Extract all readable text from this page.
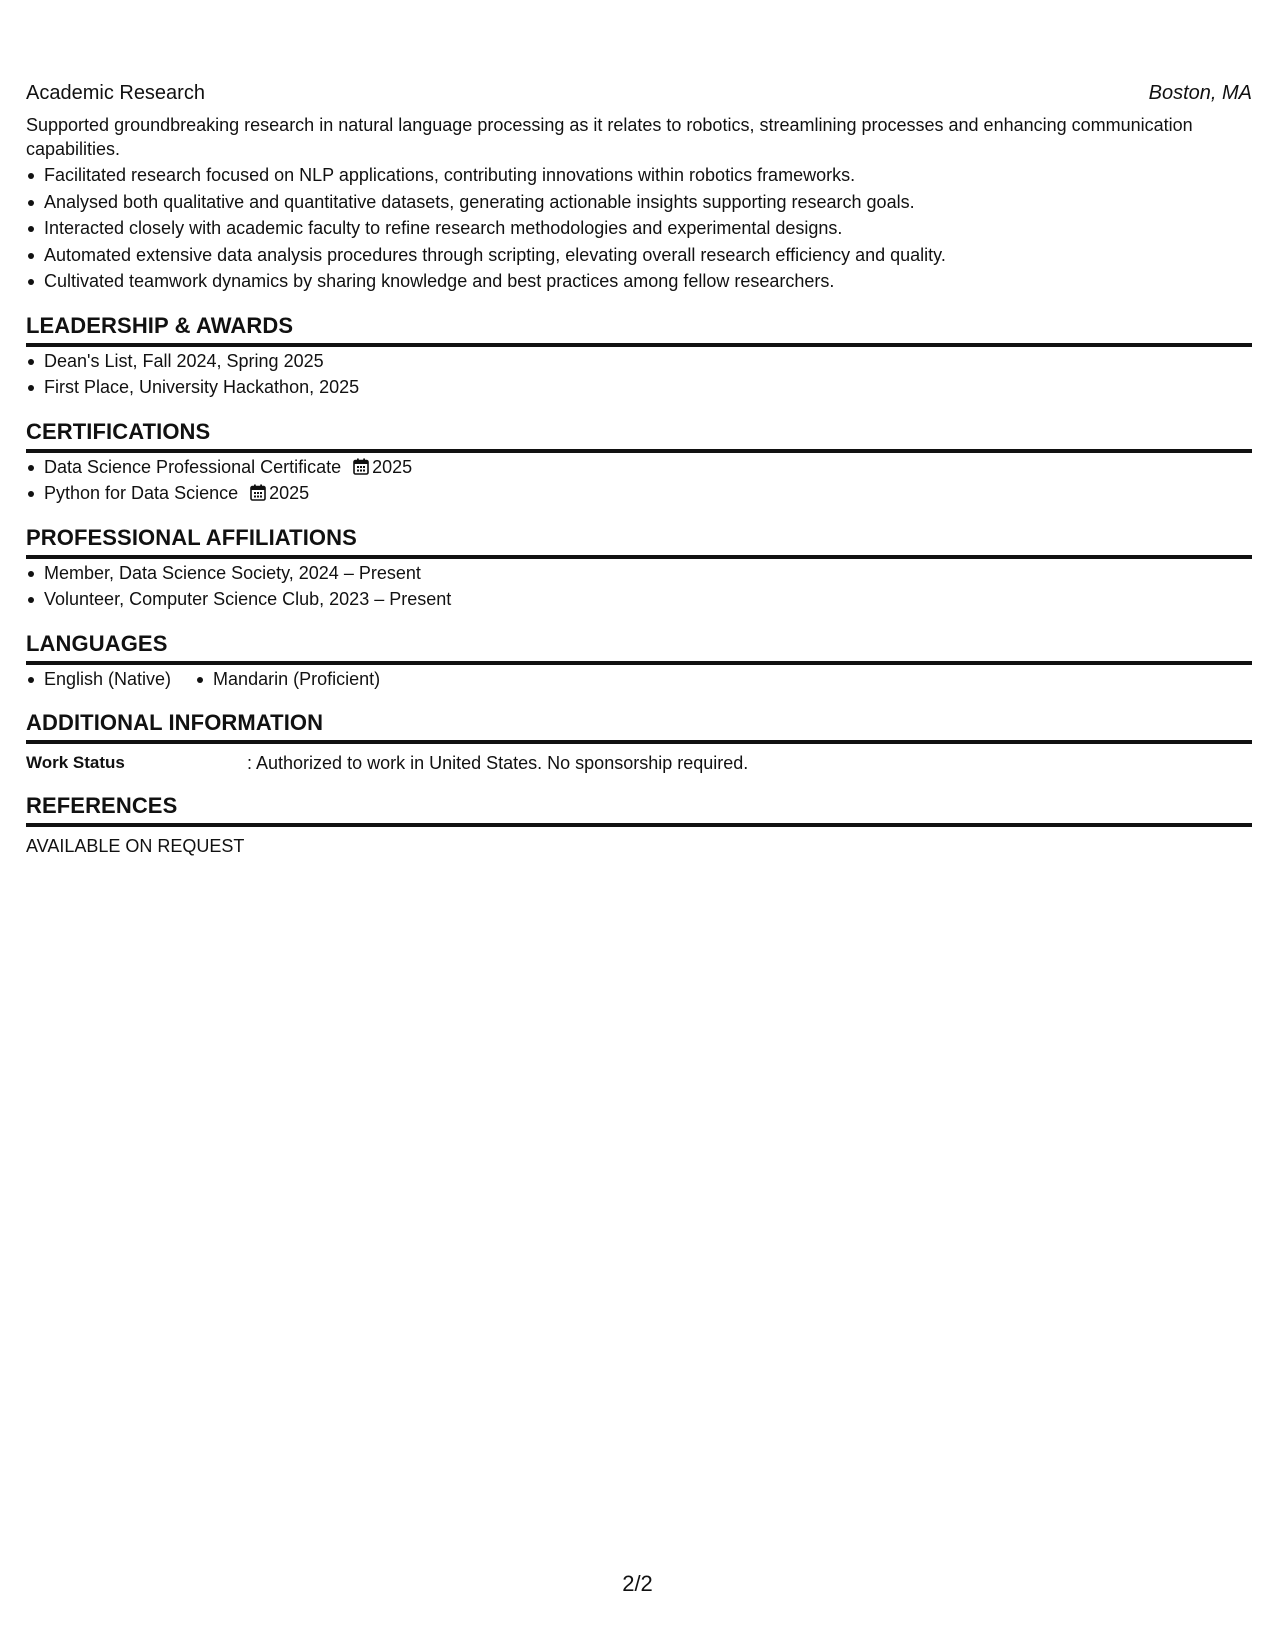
Academic Research	Boston, MA
Supported groundbreaking research in natural language processing as it relates to robotics, streamlining processes and enhancing communication capabilities.
Facilitated research focused on NLP applications, contributing innovations within robotics frameworks.
Analysed both qualitative and quantitative datasets, generating actionable insights supporting research goals.
Interacted closely with academic faculty to refine research methodologies and experimental designs.
Automated extensive data analysis procedures through scripting, elevating overall research efficiency and quality.
Cultivated teamwork dynamics by sharing knowledge and best practices among fellow researchers.
LEADERSHIP & AWARDS
Dean's List, Fall 2024, Spring 2025
First Place, University Hackathon, 2025
CERTIFICATIONS
Data Science Professional Certificate 2025
Python for Data Science 2025
PROFESSIONAL AFFILIATIONS
Member, Data Science Society, 2024 – Present
Volunteer, Computer Science Club, 2023 – Present
LANGUAGES
English (Native)	Mandarin (Proficient)
ADDITIONAL INFORMATION
Work Status	: Authorized to work in United States. No sponsorship required.
REFERENCES
AVAILABLE ON REQUEST
2/2
